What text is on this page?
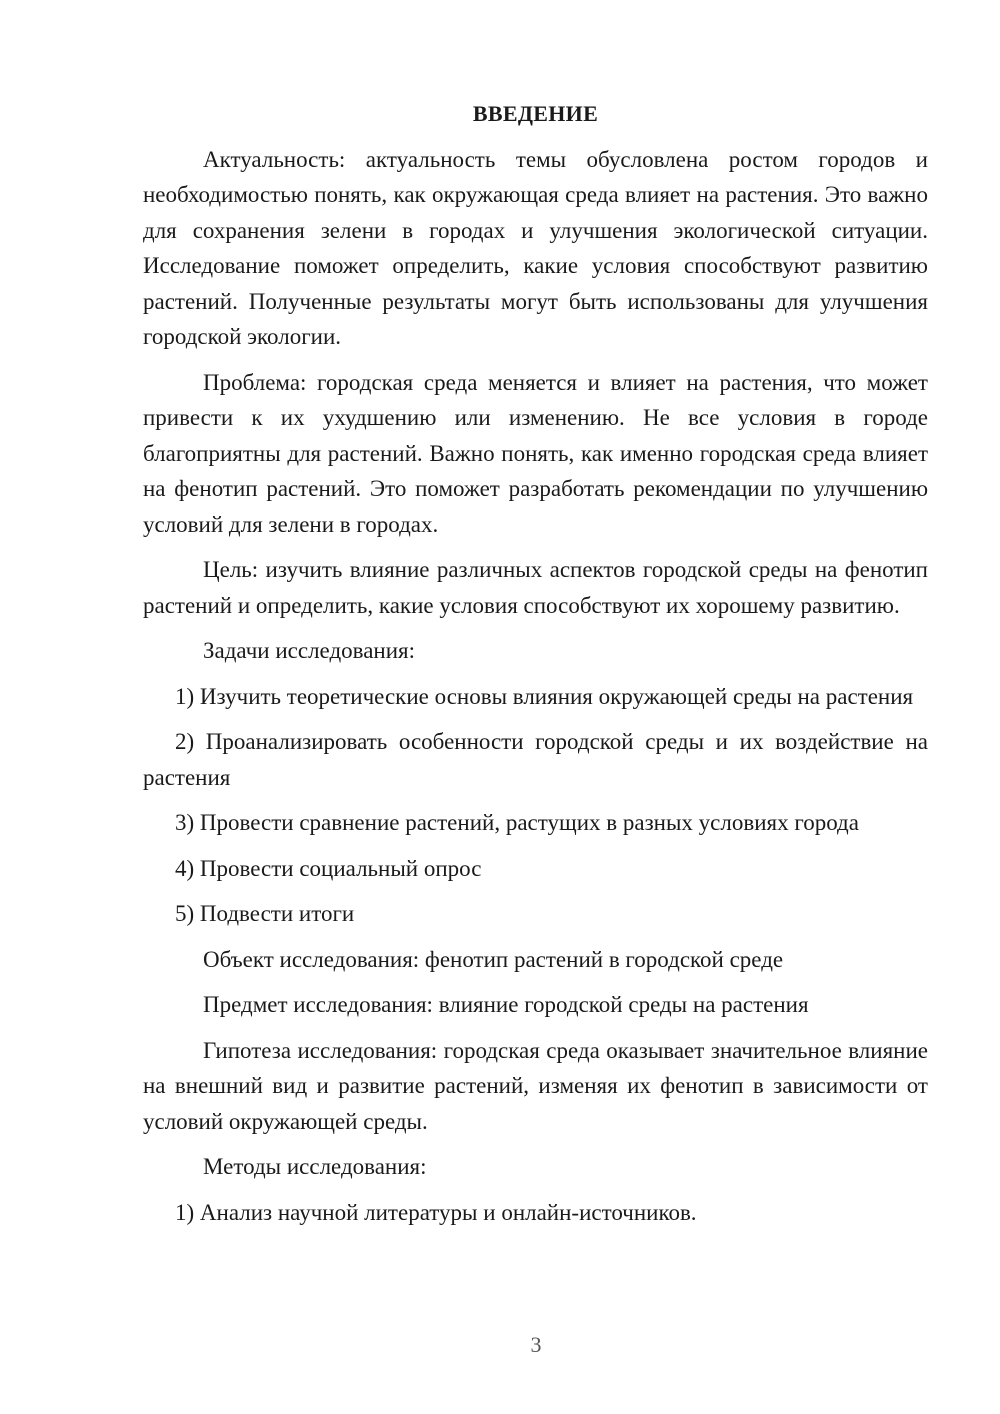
ВВЕДЕНИЕ

Актуальность: актуальность темы обусловлена ростом городов и необходимостью понять, как окружающая среда влияет на растения. Это важно для сохранения зелени в городах и улучшения экологической ситуации. Исследование поможет определить, какие условия способствуют развитию растений. Полученные результаты могут быть использованы для улучшения городской экологии.

Проблема: городская среда меняется и влияет на растения, что может привести к их ухудшению или изменению. Не все условия в городе благоприятны для растений. Важно понять, как именно городская среда влияет на фенотип растений. Это поможет разработать рекомендации по улучшению условий для зелени в городах.

Цель: изучить влияние различных аспектов городской среды на фенотип растений и определить, какие условия способствуют их хорошему развитию.

Задачи исследования:

1) Изучить теоретические основы влияния окружающей среды на растения

2) Проанализировать особенности городской среды и их воздействие на растения

3) Провести сравнение растений, растущих в разных условиях города

4) Провести социальный опрос

5) Подвести итоги

Объект исследования: фенотип растений в городской среде

Предмет исследования: влияние городской среды на растения

Гипотеза исследования: городская среда оказывает значительное влияние на внешний вид и развитие растений, изменяя их фенотип в зависимости от условий окружающей среды.

Методы исследования:

1) Анализ научной литературы и онлайн-источников.

3
